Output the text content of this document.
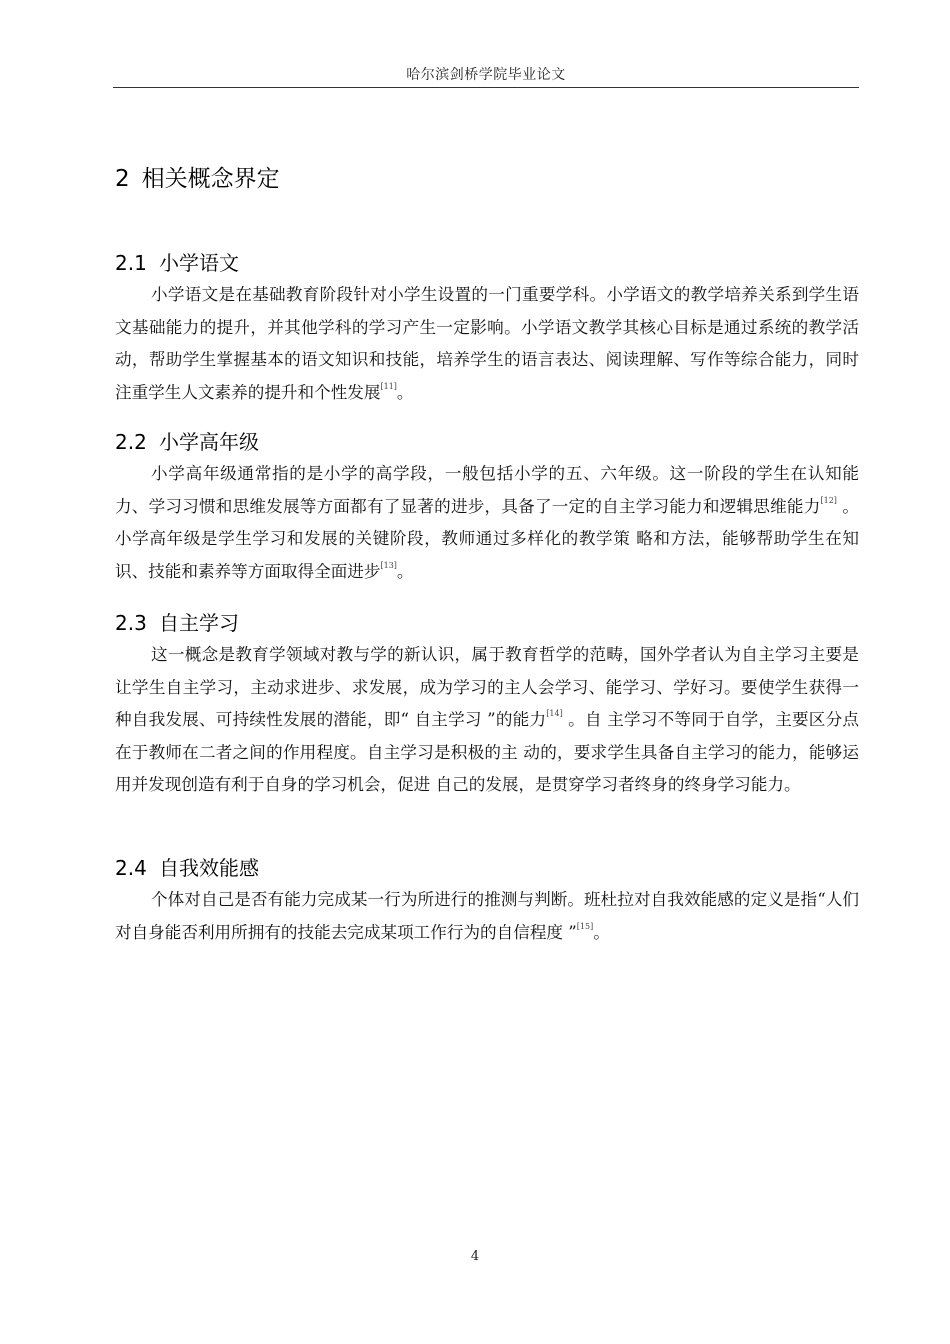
哈尔滨剑桥学院毕业论文
2 相关概念界定
2.1 小学语文

小学语文是在基础教育阶段针对小学生设置的一门重要学科。小学语文的教学培养关系到学生语文基础能力的提升，并其他学科的学习产生一定影响。小学语文教学其核心目标是通过系统的教学活动，帮助学生掌握基本的语文知识和技能，培养学生的语言表达、阅读理解、写作等综合能力，同时注重学生人文素养的提升和个性发展[11]。

2.2 小学高年级

小学高年级通常指的是小学的高学段，一般包括小学的五、六年级。这一阶段的学生在认知能力、学习习惯和思维发展等方面都有了显著的进步，具备了一定的自主学习能力和逻辑思维能力[12] 。小学高年级是学生学习和发展的关键阶段，教师通过多样化的教学策 略和方法，能够帮助学生在知识、技能和素养等方面取得全面进步[13]。

2.3 自主学习

这一概念是教育学领域对教与学的新认识，属于教育哲学的范畴，国外学者认为自主学习主要是让学生自主学习，主动求进步、求发展，成为学习的主人会学习、能学习、学好习。要使学生获得一种自我发展、可持续性发展的潜能，即“ 自主学习 ”的能力[14] 。自 主学习不等同于自学，主要区分点在于教师在二者之间的作用程度。自主学习是积极的主 动的，要求学生具备自主学习的能力，能够运用并发现创造有利于自身的学习机会，促进 自己的发展，是贯穿学习者终身的终身学习能力。

2.4 自我效能感

个体对自己是否有能力完成某一行为所进行的推测与判断。班杜拉对自我效能感的定义是指“人们对自身能否利用所拥有的技能去完成某项工作行为的自信程度 ”[15]。

4
